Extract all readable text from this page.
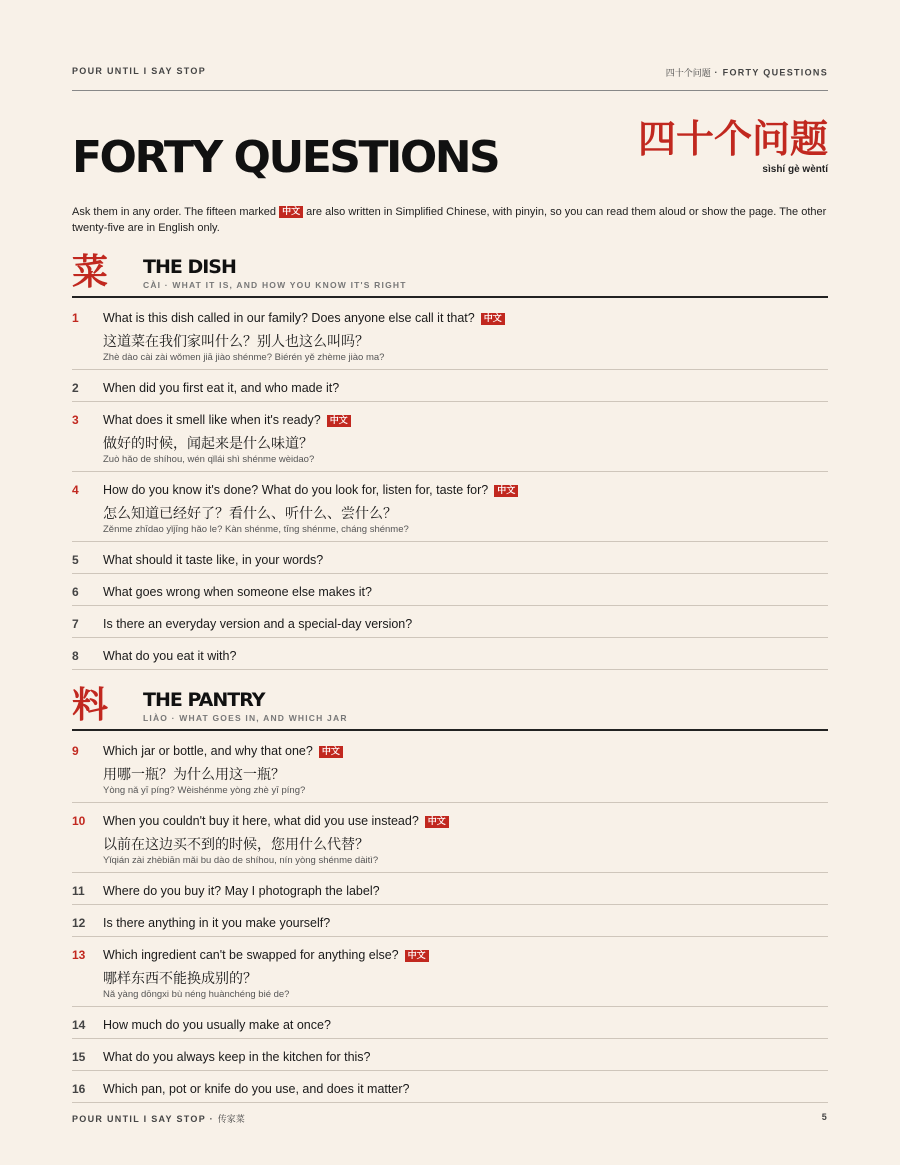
POUR UNTIL I SAY STOP	四十个问题 · FORTY QUESTIONS
FORTY QUESTIONS	四十个问题
sìshí gè wèntí
Ask them in any order. The fifteen marked 中文 are also written in Simplified Chinese, with pinyin, so you can read them aloud or show the page. The other twenty-five are in English only.
菜 THE DISH
CÀI · WHAT IT IS, AND HOW YOU KNOW IT'S RIGHT
1 What is this dish called in our family? Does anyone else call it that? 中文
这道菜在我们家叫什么？别人也这么叫吗？
Zhè dào cài zài wǒmen jiā jiào shénme? Biérén yě zhème jiào ma?
2 When did you first eat it, and who made it?
3 What does it smell like when it's ready? 中文
做好的时候，闻起来是什么味道？
Zuò hǎo de shíhou, wén qǐlái shì shénme wèidao?
4 How do you know it's done? What do you look for, listen for, taste for? 中文
怎么知道已经好了？看什么、听什么、尝什么？
Zěnme zhīdao yǐjīng hǎo le? Kàn shénme, tīng shénme, cháng shénme?
5 What should it taste like, in your words?
6 What goes wrong when someone else makes it?
7 Is there an everyday version and a special-day version?
8 What do you eat it with?
料 THE PANTRY
LIÀO · WHAT GOES IN, AND WHICH JAR
9 Which jar or bottle, and why that one? 中文
用哪一瓶？为什么用这一瓶？
Yòng nǎ yī píng? Wèishénme yòng zhè yī píng?
10 When you couldn't buy it here, what did you use instead? 中文
以前在这边买不到的时候，您用什么代替？
Yǐqián zài zhèbiān mǎi bu dào de shíhou, nín yòng shénme dàitì?
11 Where do you buy it? May I photograph the label?
12 Is there anything in it you make yourself?
13 Which ingredient can't be swapped for anything else? 中文
哪样东西不能换成别的？
Nǎ yàng dōngxi bù néng huànchéng bié de?
14 How much do you usually make at once?
15 What do you always keep in the kitchen for this?
16 Which pan, pot or knife do you use, and does it matter?
POUR UNTIL I SAY STOP · 传家菜	5
